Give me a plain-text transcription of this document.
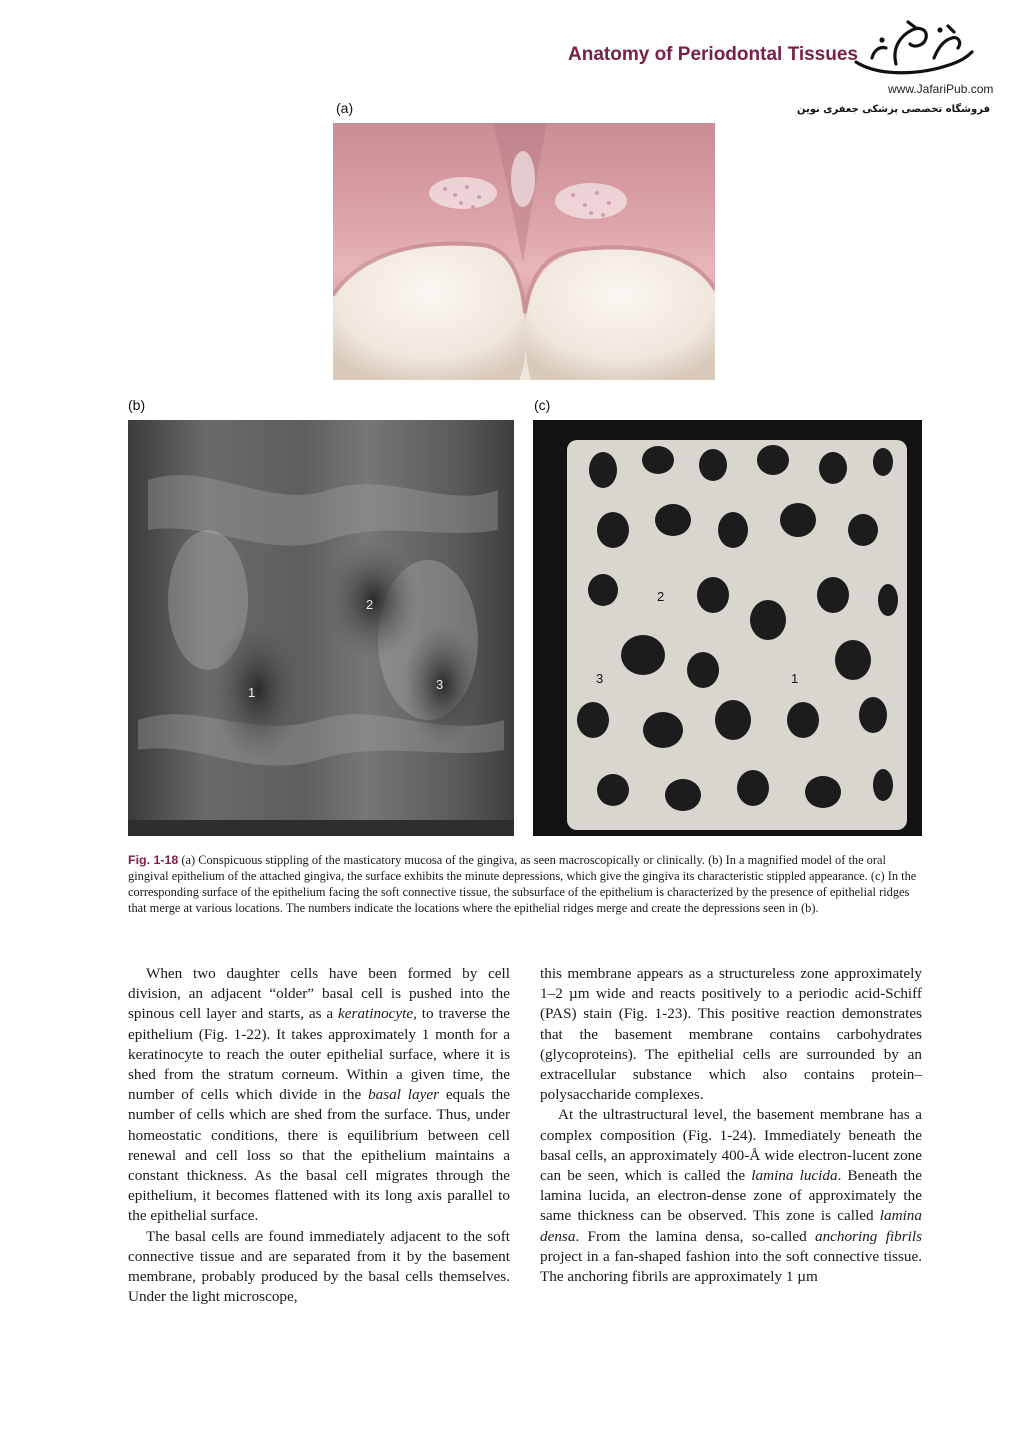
Anatomy of Periodontal Tissues
www.JafariPub.com
فروشگاه تخصصی پزشکی جعفری نوین
(a)
(b)	(c)
1
2
3	1
2
3
Fig. 1-18 (a) Conspicuous stippling of the masticatory mucosa of the gingiva, as seen macroscopically or clinically. (b) In a magnified model of the oral gingival epithelium of the attached gingiva, the surface exhibits the minute depressions, which give the gingiva its characteristic stippled appearance. (c) In the corresponding surface of the epithelium facing the soft connective tissue, the subsurface of the epithelium is characterized by the presence of epithelial ridges that merge at various locations. The numbers indicate the locations where the epithelial ridges merge and create the depressions seen in (b).

When two daughter cells have been formed by cell division, an adjacent “older” basal cell is pushed into the spinous cell layer and starts, as a keratinocyte, to traverse the epithelium (Fig. 1-22). It takes approximately 1 month for a keratinocyte to reach the outer epithelial surface, where it is shed from the stratum corneum. Within a given time, the number of cells which divide in the basal layer equals the number of cells which are shed from the surface. Thus, under homeostatic conditions, there is equilibrium between cell renewal and cell loss so that the epithelium maintains a constant thickness. As the basal cell migrates through the epithelium, it becomes flattened with its long axis parallel to the epithelial surface.

The basal cells are found immediately adjacent to the soft connective tissue and are separated from it by the basement membrane, probably produced by the basal cells themselves. Under the light microscope,

this membrane appears as a structureless zone approximately 1–2 µm wide and reacts positively to a periodic acid-Schiff (PAS) stain (Fig. 1-23). This positive reaction demonstrates that the basement membrane contains carbohydrates (glycoproteins). The epithelial cells are surrounded by an extracellular substance which also contains protein–polysaccharide complexes.

At the ultrastructural level, the basement membrane has a complex composition (Fig. 1-24). Immediately beneath the basal cells, an approximately 400-Å wide electron-lucent zone can be seen, which is called the lamina lucida. Beneath the lamina lucida, an electron-dense zone of approximately the same thickness can be observed. This zone is called lamina densa. From the lamina densa, so-called anchoring fibrils project in a fan-shaped fashion into the soft connective tissue. The anchoring fibrils are approximately 1 µm
